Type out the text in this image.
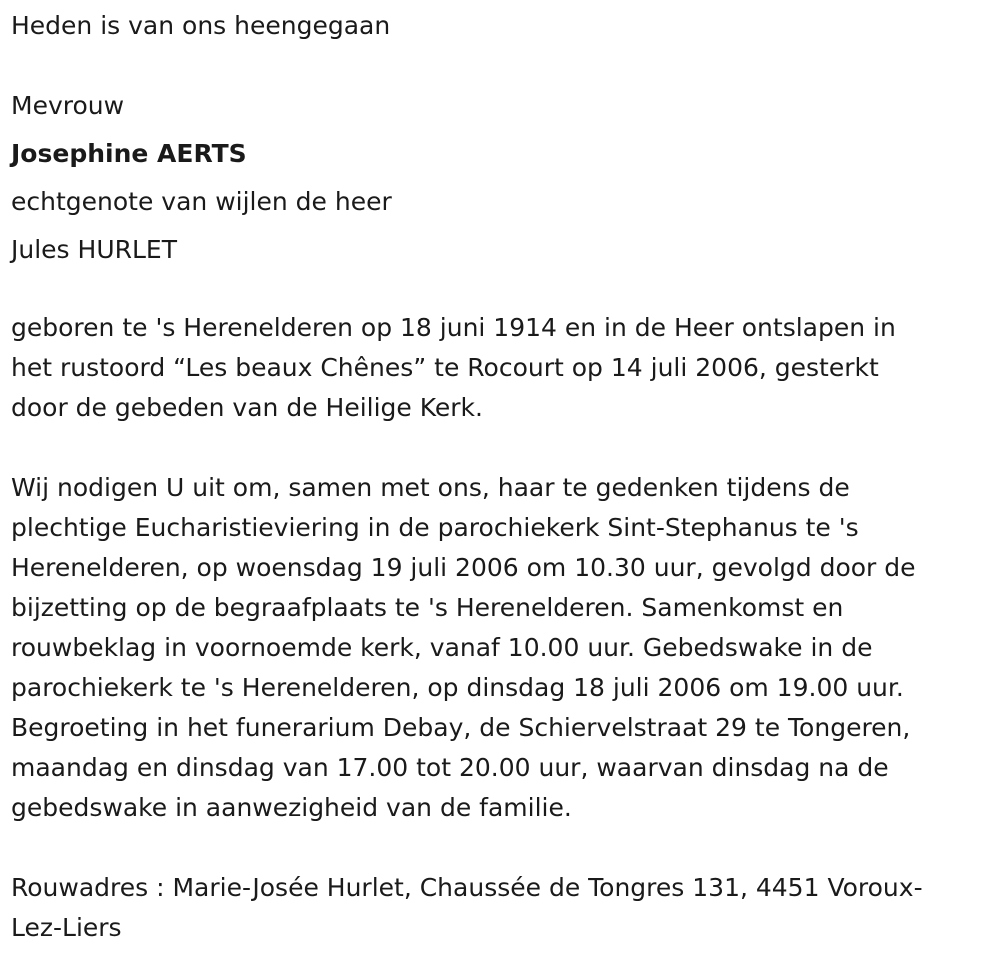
Heden is van ons heengegaan

Mevrouw

Josephine AERTS

echtgenote van wijlen de heer

Jules HURLET

geboren te 's Herenelderen op 18 juni 1914 en in de Heer ontslapen in
het rustoord “Les beaux Chênes” te Rocourt op 14 juli 2006, gesterkt
door de gebeden van de Heilige Kerk.
Wij nodigen U uit om, samen met ons, haar te gedenken tijdens de
plechtige Eucharistieviering in de parochiekerk Sint-Stephanus te 's
Herenelderen, op woensdag 19 juli 2006 om 10.30 uur, gevolgd door de
bijzetting op de begraafplaats te 's Herenelderen. Samenkomst en
rouwbeklag in voornoemde kerk, vanaf 10.00 uur. Gebedswake in de
parochiekerk te 's Herenelderen, op dinsdag 18 juli 2006 om 19.00 uur.
Begroeting in het funerarium Debay, de Schiervelstraat 29 te Tongeren,
maandag en dinsdag van 17.00 tot 20.00 uur, waarvan dinsdag na de
gebedswake in aanwezigheid van de familie.
Rouwadres : Marie-Josée Hurlet, Chaussée de Tongres 131, 4451 Voroux-
Lez-Liers
